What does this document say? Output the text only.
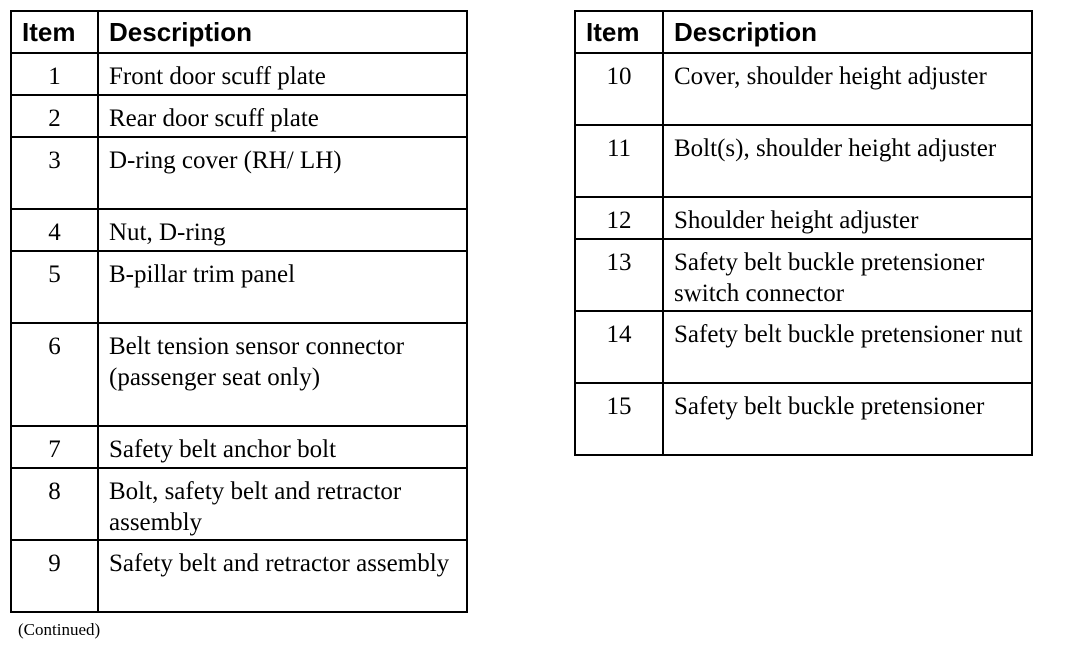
Item	Description
1	Front door scuff plate
2	Rear door scuff plate
3	D-ring cover (RH/ LH)
4	Nut, D-ring
5	B-pillar trim panel
6	Belt tension sensor connector (passenger seat only)
7	Safety belt anchor bolt
8	Bolt, safety belt and retractor assembly
9	Safety belt and retractor assembly
Item	Description
10	Cover, shoulder height adjuster
11	Bolt(s), shoulder height adjuster
12	Shoulder height adjuster
13	Safety belt buckle pretensioner switch connector
14	Safety belt buckle pretensioner nut
15	Safety belt buckle pretensioner
(Continued)
